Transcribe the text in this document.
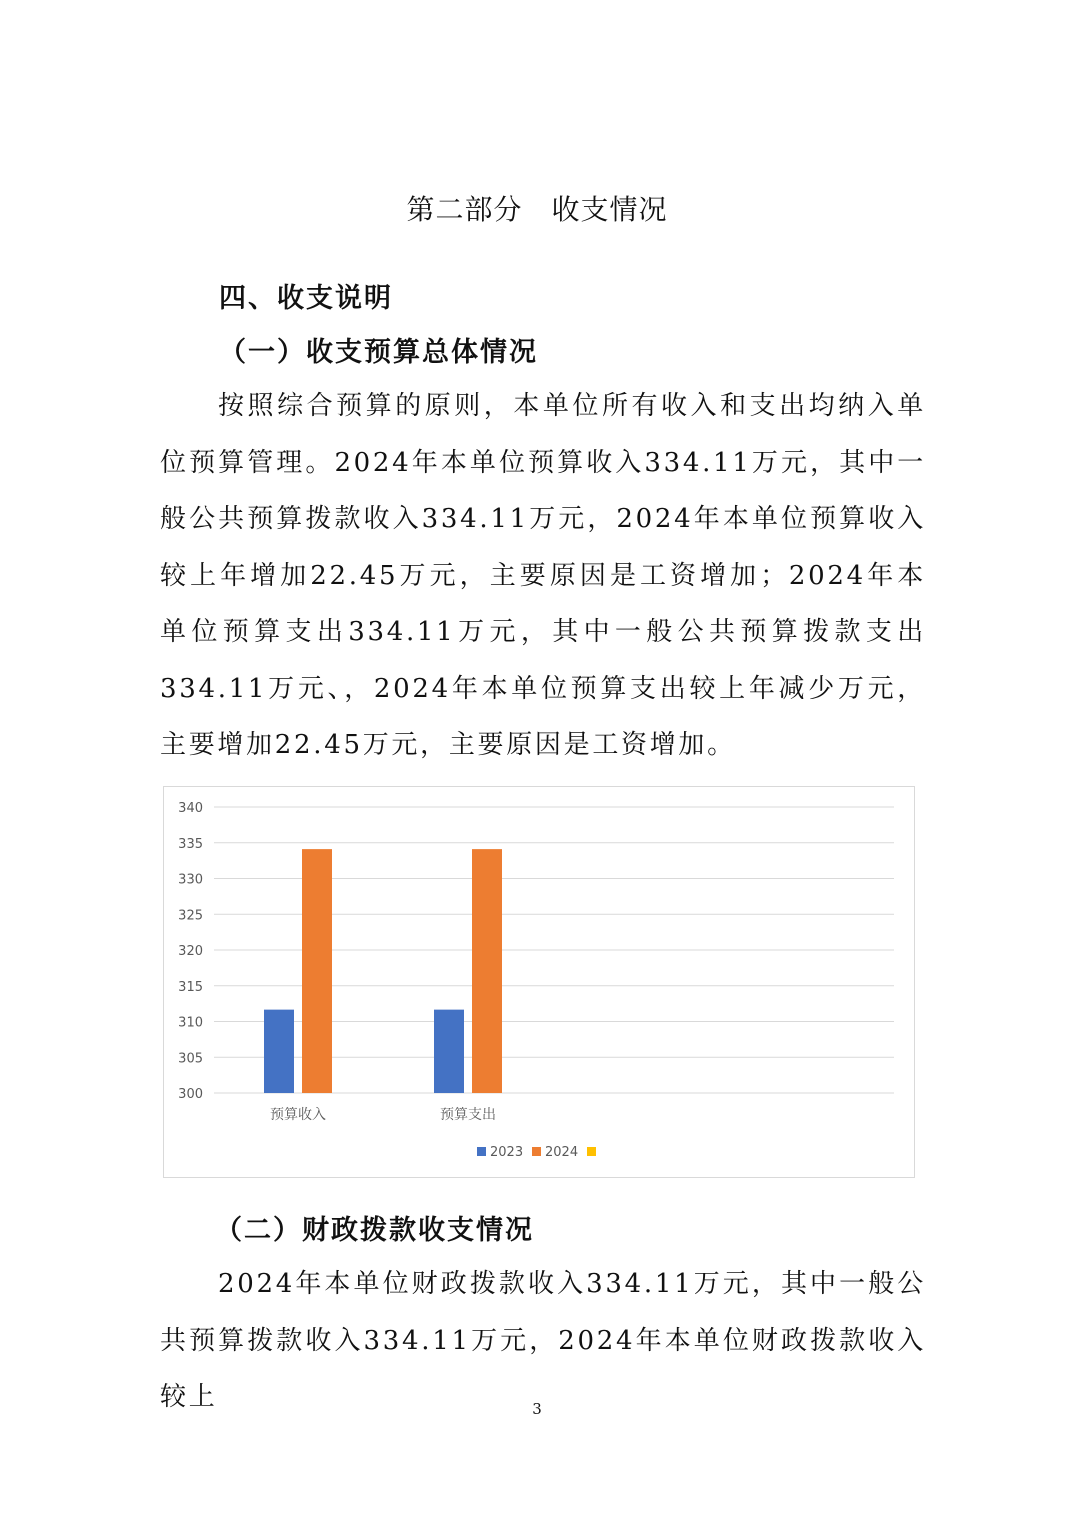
第二部分　收支情况
四、收支说明
（一）收支预算总体情况

按照综合预算的原则，本单位所有收入和支出均纳入单位预算管理。2024年本单位预算收入334.11万元，其中一般公共预算拨款收入334.11万元，2024年本单位预算收入较上年增加22.45万元，主要原因是工资增加；2024年本单位预算支出334.11万元，其中一般公共预算拨款支出334.11万元、，2024年本单位预算支出较上年减少万元，主要增加22.45万元，主要原因是工资增加。

300
305
310
315
320
325
330
335
340
预算收入	预算支出
2023 2024
（二）财政拨款收支情况

2024年本单位财政拨款收入334.11万元，其中一般公共预算拨款收入334.11万元，2024年本单位财政拨款收入较上	3
